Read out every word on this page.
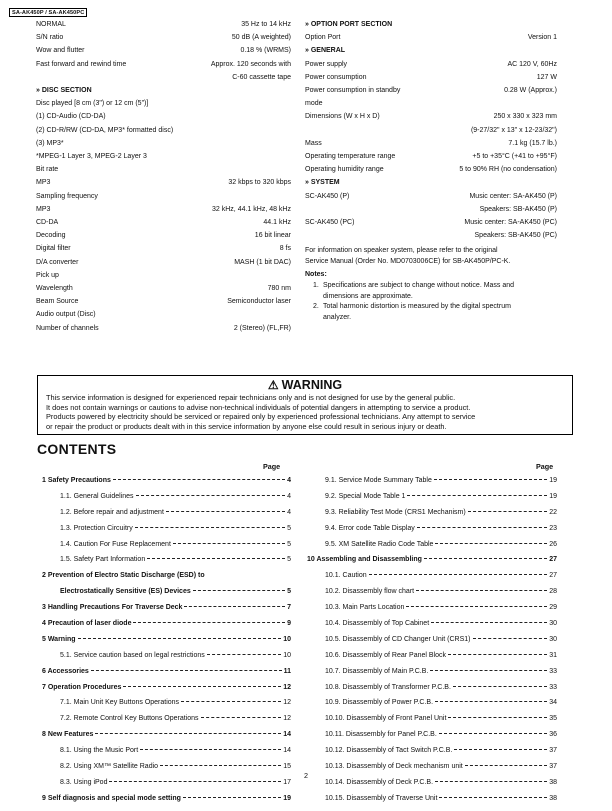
SA-AK450P / SA-AK450PC
NORMAL	35 Hz to 14 kHz
S/N ratio	50 dB (A weighted)
Wow and flutter	0.18 % (WRMS)
Fast forward and rewind time	Approx. 120 seconds with
C-60 cassette tape
» DISC SECTION
Disc played [8 cm (3") or 12 cm (5")]
(1) CD-Audio (CD-DA)
(2) CD-R/RW (CD-DA, MP3* formatted disc)
(3) MP3*
*MPEG-1 Layer 3, MPEG-2 Layer 3
Bit rate
MP3	32 kbps to 320 kbps
Sampling frequency
MP3	32 kHz, 44.1 kHz, 48 kHz
CD-DA	44.1 kHz
Decoding	16 bit linear
Digital filter	8 fs
D/A converter	MASH (1 bit DAC)
Pick up
Wavelength	780 nm
Beam Source	Semiconductor laser
Audio output (Disc)
Number of channels	2 (Stereo) (FL,FR)
» OPTION PORT SECTION
Option Port	Version 1
» GENERAL
Power supply	AC 120 V, 60Hz
Power consumption	127 W
Power consumption in standby	0.28 W (Approx.)
mode
Dimensions (W x H x D)	250 x 330 x 323 mm
(9-27/32" x 13" x 12-23/32")
Mass	7.1 kg (15.7 lb.)
Operating temperature range	+5 to +35°C (+41 to +95°F)
Operating humidity range	5 to 90% RH (no condensation)
» SYSTEM
SC-AK450 (P)	Music center: SA-AK450 (P)
Speakers: SB-AK450 (P)
SC-AK450 (PC)	Music center: SA-AK450 (PC)
Speakers: SB-AK450 (PC)
For information on speaker system, please refer to the original
Service Manual (Order No. MD0703006CE) for SB-AK450P/PC-K.
Notes:
1. Specifications are subject to change without notice. Mass and
dimensions are approximate.
2. Total harmonic distortion is measured by the digital spectrum
analyzer.
⚠ WARNING
This service information is designed for experienced repair technicians only and is not designed for use by the general public.
It does not contain warnings or cautions to advise non-technical individuals of potential dangers in attempting to service a product.
Products powered by electricity should be serviced or repaired only by experienced professional technicians. Any attempt to service
or repair the product or products dealt with in this service information by anyone else could result in serious injury or death.
CONTENTS
Page	Page
1 Safety Precautions	4
1.1. General Guidelines	4
1.2. Before repair and adjustment	4
1.3. Protection Circuitry	5
1.4. Caution For Fuse Replacement	5
1.5. Safety Part Information	5
2 Prevention of Electro Static Discharge (ESD) to
Electrostatically Sensitive (ES) Devices	5
3 Handling Precautions For Traverse Deck	7
4 Precaution of laser diode	9
5 Warning	10
5.1. Service caution based on legal restrictions	10
6 Accessories	11
7 Operation Procedures	12
7.1. Main Unit Key Buttons Operations	12
7.2. Remote Control Key Buttons Operations	12
8 New Features	14
8.1. Using the Music Port	14
8.2. Using XM™ Satellite Radio	15
8.3. Using iPod	17
9 Self diagnosis and special mode setting	19
9.1. Service Mode Summary Table	19
9.2. Special Mode Table 1	19
9.3. Reliability Test Mode (CRS1 Mechanism)	22
9.4. Error code Table Display	23
9.5. XM Satellite Radio Code Table	26
10 Assembling and Disassembling	27
10.1. Caution	27
10.2. Disassembly flow chart	28
10.3. Main Parts Location	29
10.4. Disassembly of Top Cabinet	30
10.5. Disassembly of CD Changer Unit (CRS1)	30
10.6. Disassembly of Rear Panel Block	31
10.7. Disassembly of Main P.C.B.	33
10.8. Disassembly of Transformer P.C.B.	33
10.9. Disassembly of Power P.C.B.	34
10.10. Disassembly of Front Panel Unit	35
10.11. Disassembly for Panel P.C.B.	36
10.12. Disassembly of Tact Switch P.C.B.	37
10.13. Disassembly of Deck mechanism unit	37
10.14. Disassembly of Deck P.C.B.	38
10.15. Disassembly of Traverse Unit	38
2
